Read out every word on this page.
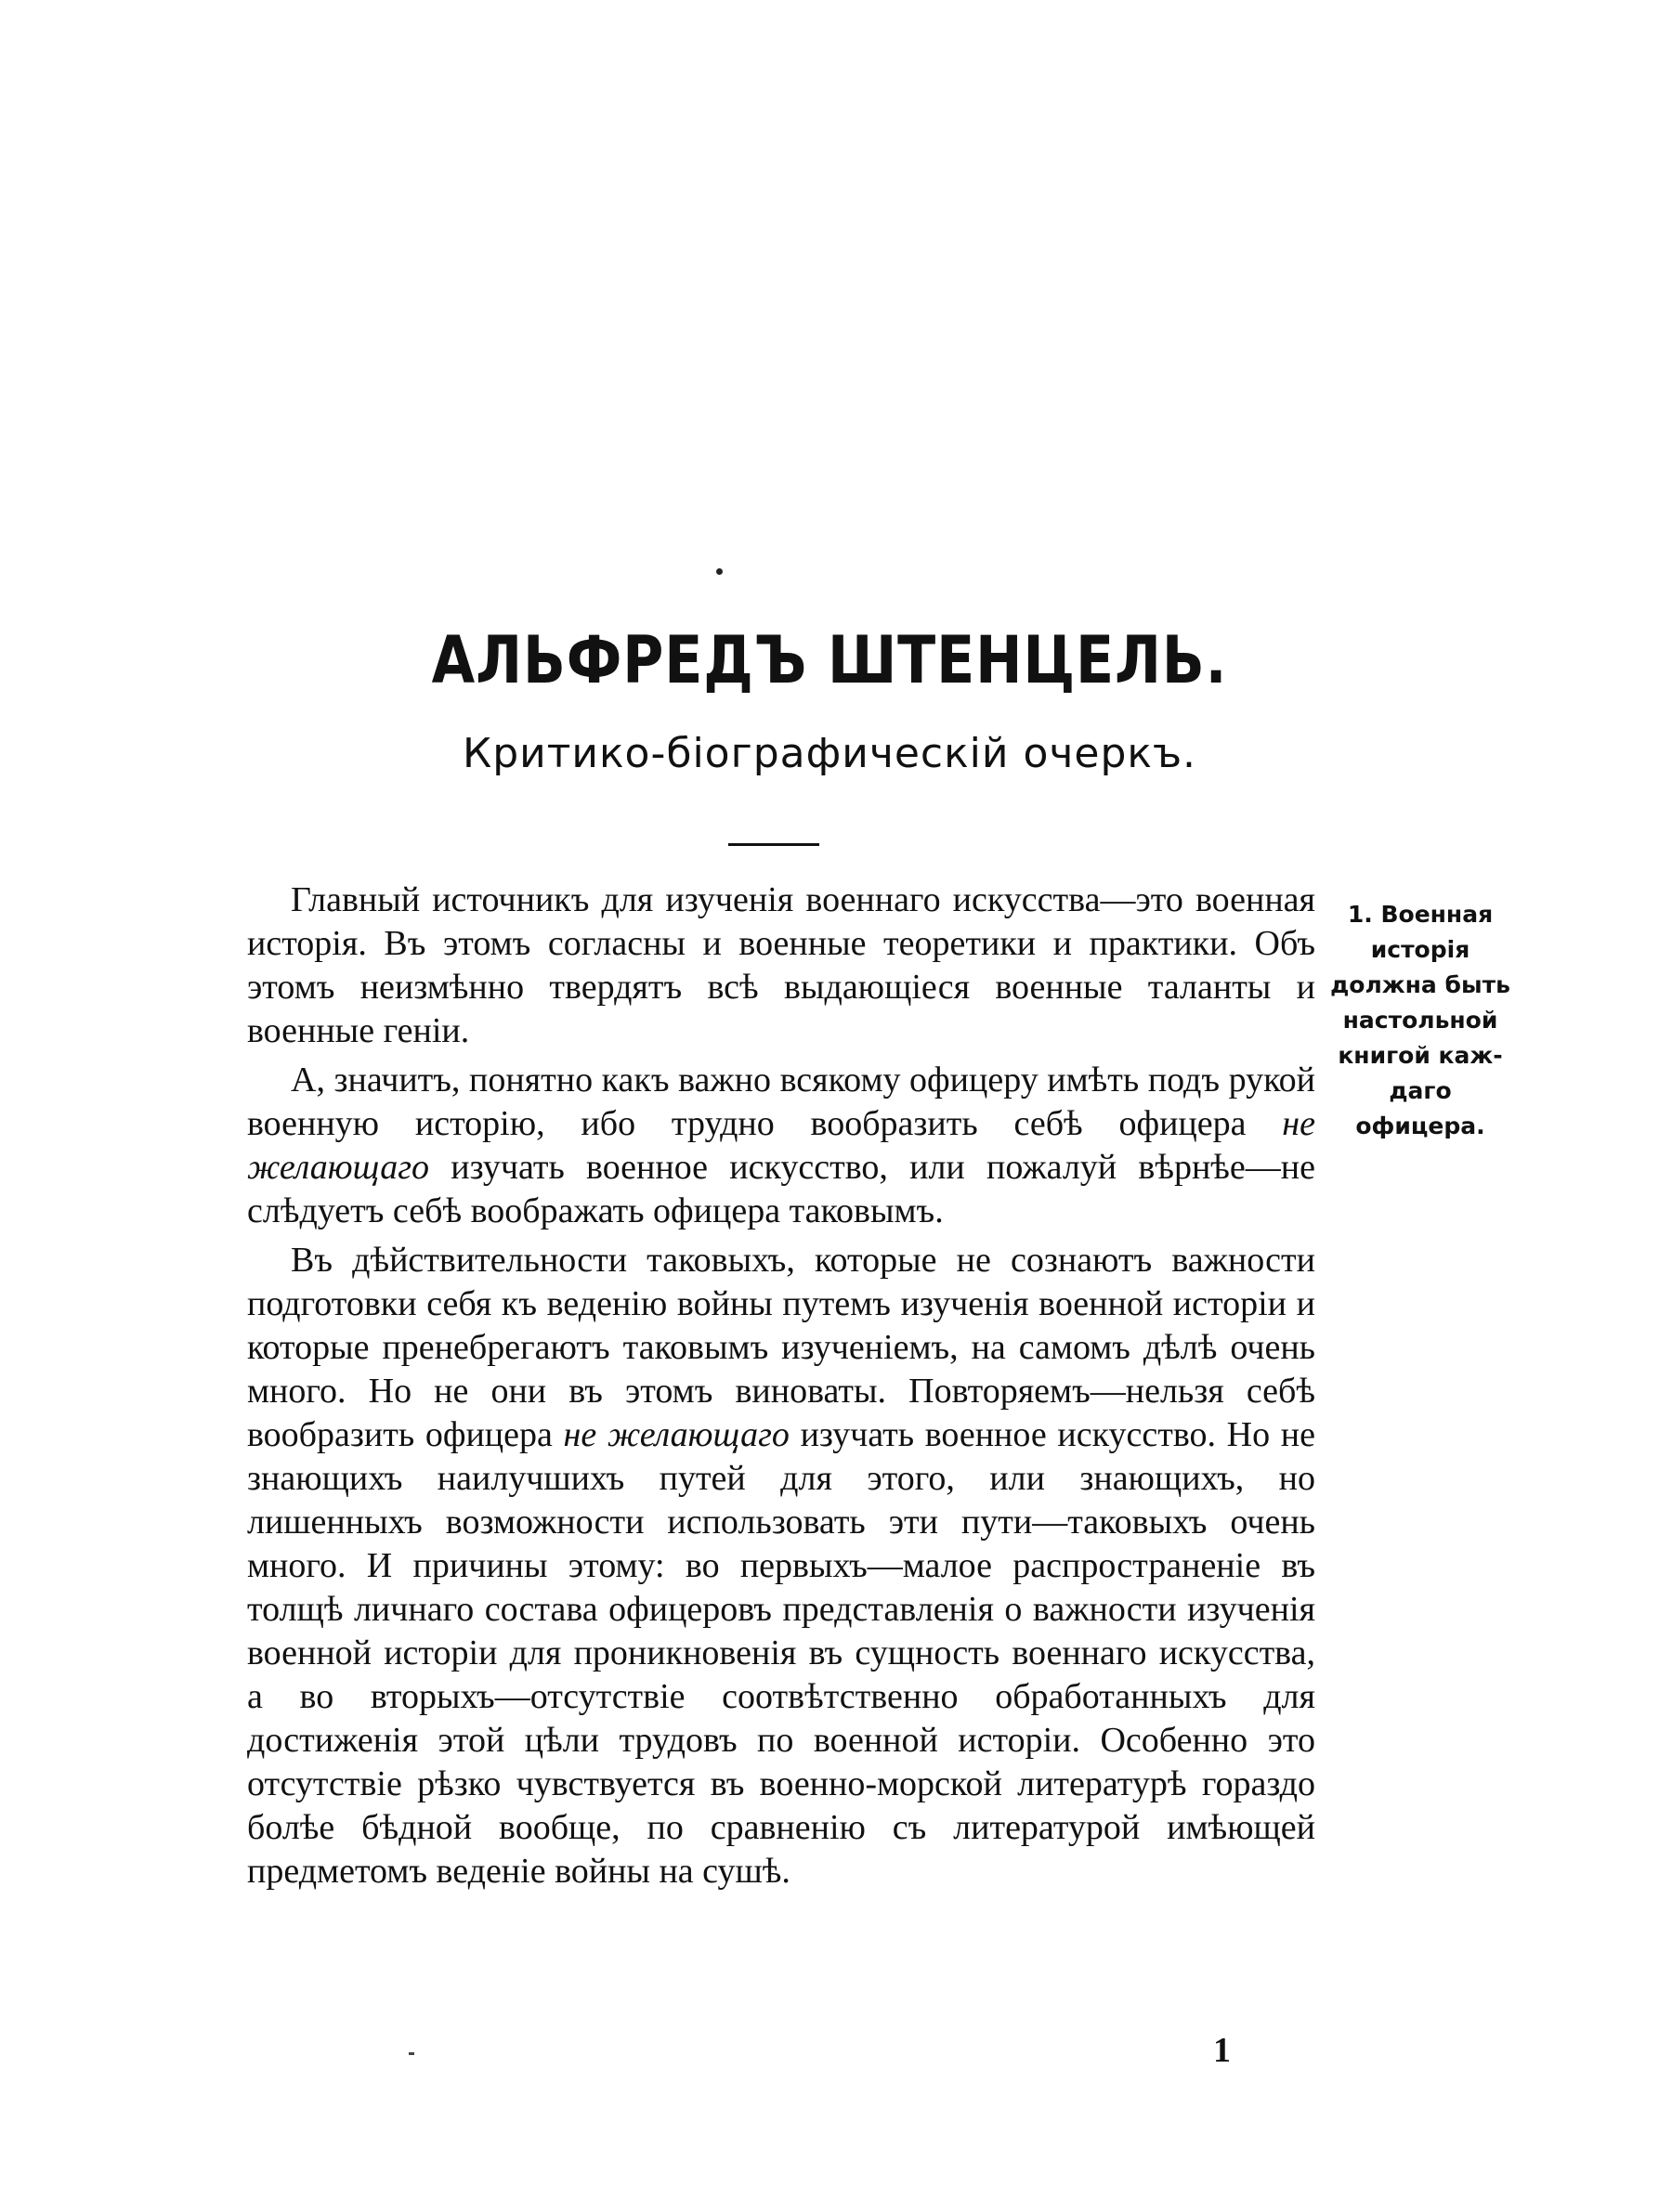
АЛЬФРЕДЪ ШТЕНЦЕЛЬ.
Критико-біографическій очеркъ.

Главный источникъ для изученія военнаго искусства—это военная исторія. Въ этомъ согласны и военные теоретики и практики. Объ этомъ неизмѣнно твердятъ всѣ выдающіеся военные таланты и военные геніи.

А, значитъ, понятно какъ важно всякому офицеру имѣть подъ рукой военную исторію, ибо трудно вообразить себѣ офицера не желающаго изучать военное искусство, или пожалуй вѣрнѣе—не слѣдуетъ себѣ воображать офицера таковымъ.

Въ дѣйствительности таковыхъ, которые не сознаютъ важности подготовки себя къ веденію войны путемъ изученія военной исторіи и которые пренебрегаютъ таковымъ изученіемъ, на самомъ дѣлѣ очень много. Но не они въ этомъ виноваты. Повторяемъ—нельзя себѣ вообразить офицера не желающаго изучать военное искусство. Но не знающихъ наилучшихъ путей для этого, или знающихъ, но лишенныхъ возможности использовать эти пути—таковыхъ очень много. И причины этому: во первыхъ—малое распространеніе въ толщѣ личнаго состава офицеровъ представленія о важности изученія военной исторіи для проникновенія въ сущность военнаго искусства, а во вторыхъ—отсутствіе соотвѣтственно обработанныхъ для достиженія этой цѣли трудовъ по военной исторіи. Особенно это отсутствіе рѣзко чувствуется въ военно-морской литературѣ гораздо болѣе бѣдной вообще, по сравненію съ литературой имѣющей предметомъ веденіе войны на сушѣ.

1. Военная
исторія
должна быть
настольной
книгой каж-
даго офицера.
1
